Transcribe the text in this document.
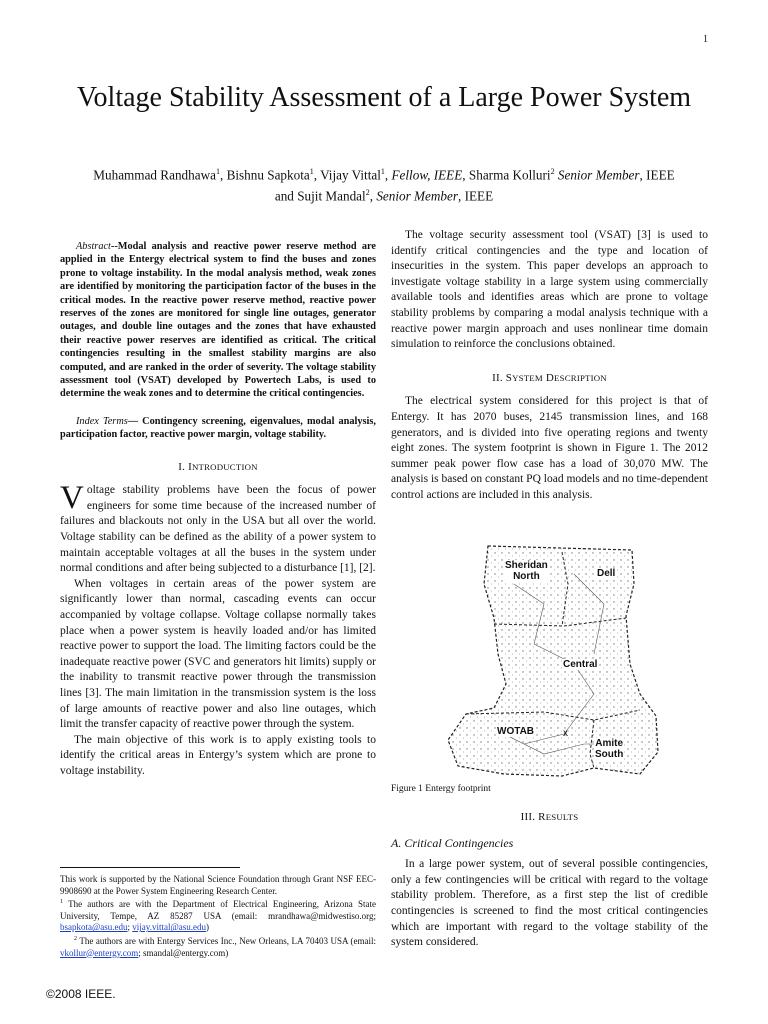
1
Voltage Stability Assessment of a Large Power System
Muhammad Randhawa$^1$, Bishnu Sapkota$^1$, Vijay Vittal$^1$, Fellow, IEEE, Sharma Kolluri$^2$ Senior Member, IEEE and Sujit Mandal$^2$, Senior Member, IEEE

Abstract--Modal analysis and reactive power reserve method are applied in the Entergy electrical system to find the buses and zones prone to voltage instability. In the modal analysis method, weak zones are identified by monitoring the participation factor of the buses in the critical modes. In the reactive power reserve method, reactive power reserves of the zones are monitored for single line outages, generator outages, and double line outages and the zones that have exhausted their reactive power reserves are identified as critical. The critical contingencies resulting in the smallest stability margins are also computed, and are ranked in the order of severity. The voltage stability assessment tool (VSAT) developed by Powertech Labs, is used to determine the weak zones and to determine the critical contingencies.

Index Terms— Contingency screening, eigenvalues, modal analysis, participation factor, reactive power margin, voltage stability.

I. INTRODUCTION

Voltage stability problems have been the focus of power engineers for some time because of the increased number of failures and blackouts not only in the USA but all over the world. Voltage stability can be defined as the ability of a power system to maintain acceptable voltages at all the buses in the system under normal conditions and after being subjected to a disturbance [1], [2].

When voltages in certain areas of the power system are significantly lower than normal, cascading events can occur accompanied by voltage collapse. Voltage collapse normally takes place when a power system is heavily loaded and/or has limited reactive power to support the load. The limiting factors could be the inadequate reactive power (SVC and generators hit limits) supply or the inability to transmit reactive power through the transmission lines [3]. The main limitation in the transmission system is the loss of large amounts of reactive power and also line outages, which limit the transfer capacity of reactive power through the system.

The main objective of this work is to apply existing tools to identify the critical areas in Entergy’s system which are prone to voltage instability.

This work is supported by the National Science Foundation through Grant NSF EEC-9908690 at the Power System Engineering Research Center.

$^1$ The authors are with the Department of Electrical Engineering, Arizona State University, Tempe, AZ 85287 USA (email: mrandhawa@midwestiso.org; bsapkota@asu.edu; vijay.vittal@asu.edu)

$^2$ The authors are with Entergy Services Inc., New Orleans, LA 70403 USA (email: vkollur@entergy.com; smandal@entergy.com)

©2008 IEEE.

The voltage security assessment tool (VSAT) [3] is used to identify critical contingencies and the type and location of insecurities in the system. This paper develops an approach to investigate voltage stability in a large system using commercially available tools and identifies areas which are prone to voltage stability problems by comparing a modal analysis technique with a reactive power margin approach and uses nonlinear time domain simulation to reinforce the conclusions obtained.

II. SYSTEM DESCRIPTION

The electrical system considered for this project is that of Entergy. It has 2070 buses, 2145 transmission lines, and 168 generators, and is divided into five operating regions and twenty eight zones. The system footprint is shown in Figure 1. The 2012 summer peak power flow case has a load of 30,070 MW. The analysis is based on constant PQ load models and no time-dependent control actions are included in this analysis.

Sheridan
North	Dell
Central
WOTAB	x
Amite
South
Figure 1 Entergy footprint
III. RESULTS
A. Critical Contingencies

In a large power system, out of several possible contingencies, only a few contingencies will be critical with regard to the voltage stability problem. Therefore, as a first step the list of credible contingencies is screened to find the most critical contingencies which are important with regard to the voltage stability of the system considered.
